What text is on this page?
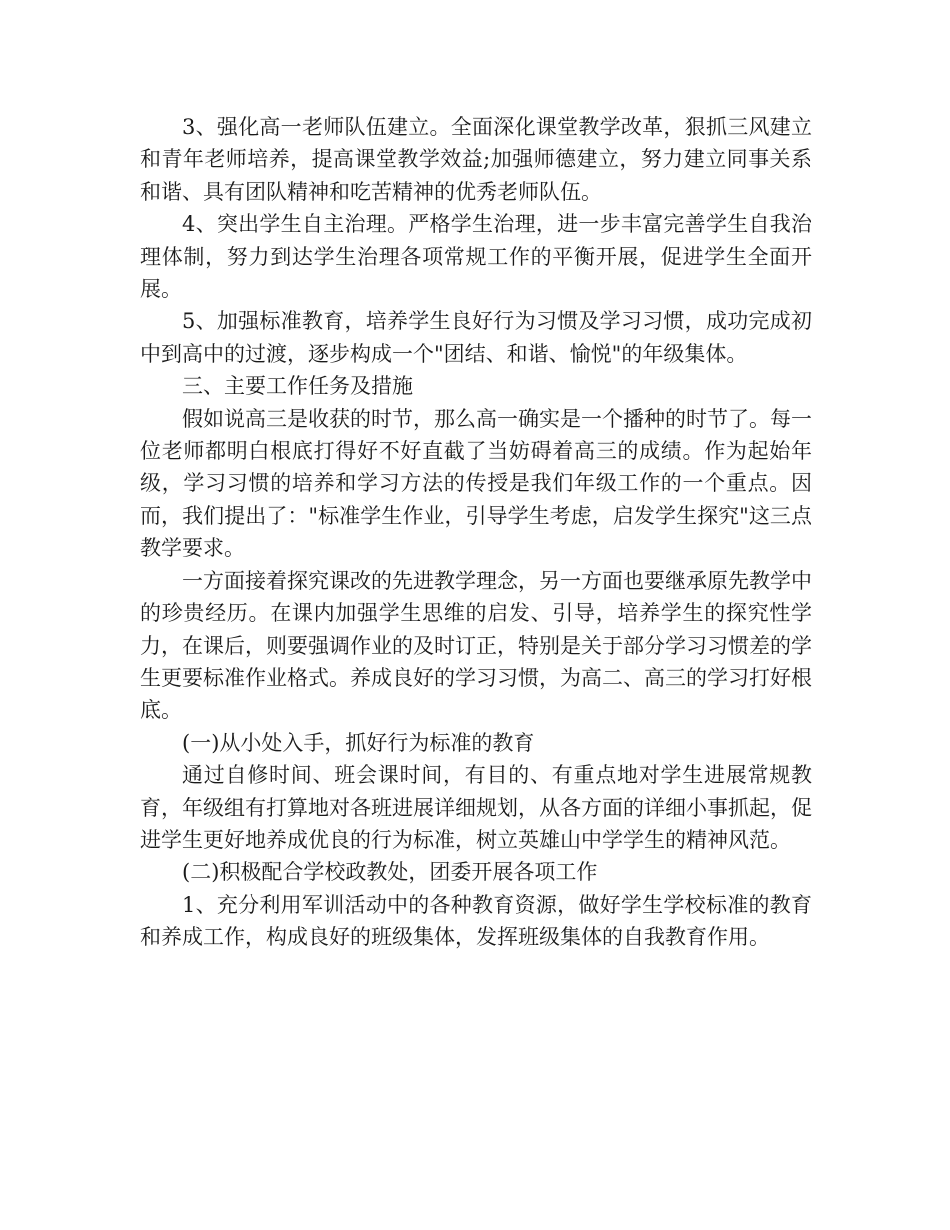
3、强化高一老师队伍建立。全面深化课堂教学改革，狠抓三风建立和青年老师培养，提高课堂教学效益;加强师德建立，努力建立同事关系和谐、具有团队精神和吃苦精神的优秀老师队伍。

4、突出学生自主治理。严格学生治理，进一步丰富完善学生自我治理体制，努力到达学生治理各项常规工作的平衡开展，促进学生全面开展。

5、加强标准教育，培养学生良好行为习惯及学习习惯，成功完成初中到高中的过渡，逐步构成一个"团结、和谐、愉悦"的年级集体。

三、主要工作任务及措施

假如说高三是收获的时节，那么高一确实是一个播种的时节了。每一位老师都明白根底打得好不好直截了当妨碍着高三的成绩。作为起始年级，学习习惯的培养和学习方法的传授是我们年级工作的一个重点。因而，我们提出了："标准学生作业，引导学生考虑，启发学生探究"这三点教学要求。

一方面接着探究课改的先进教学理念，另一方面也要继承原先教学中的珍贵经历。在课内加强学生思维的启发、引导，培养学生的探究性学力，在课后，则要强调作业的及时订正，特别是关于部分学习习惯差的学生更要标准作业格式。养成良好的学习习惯，为高二、高三的学习打好根底。

(一)从小处入手，抓好行为标准的教育

通过自修时间、班会课时间，有目的、有重点地对学生进展常规教育，年级组有打算地对各班进展详细规划，从各方面的详细小事抓起，促进学生更好地养成优良的行为标准，树立英雄山中学学生的精神风范。

(二)积极配合学校政教处，团委开展各项工作

1、充分利用军训活动中的各种教育资源，做好学生学校标准的教育和养成工作，构成良好的班级集体，发挥班级集体的自我教育作用。
